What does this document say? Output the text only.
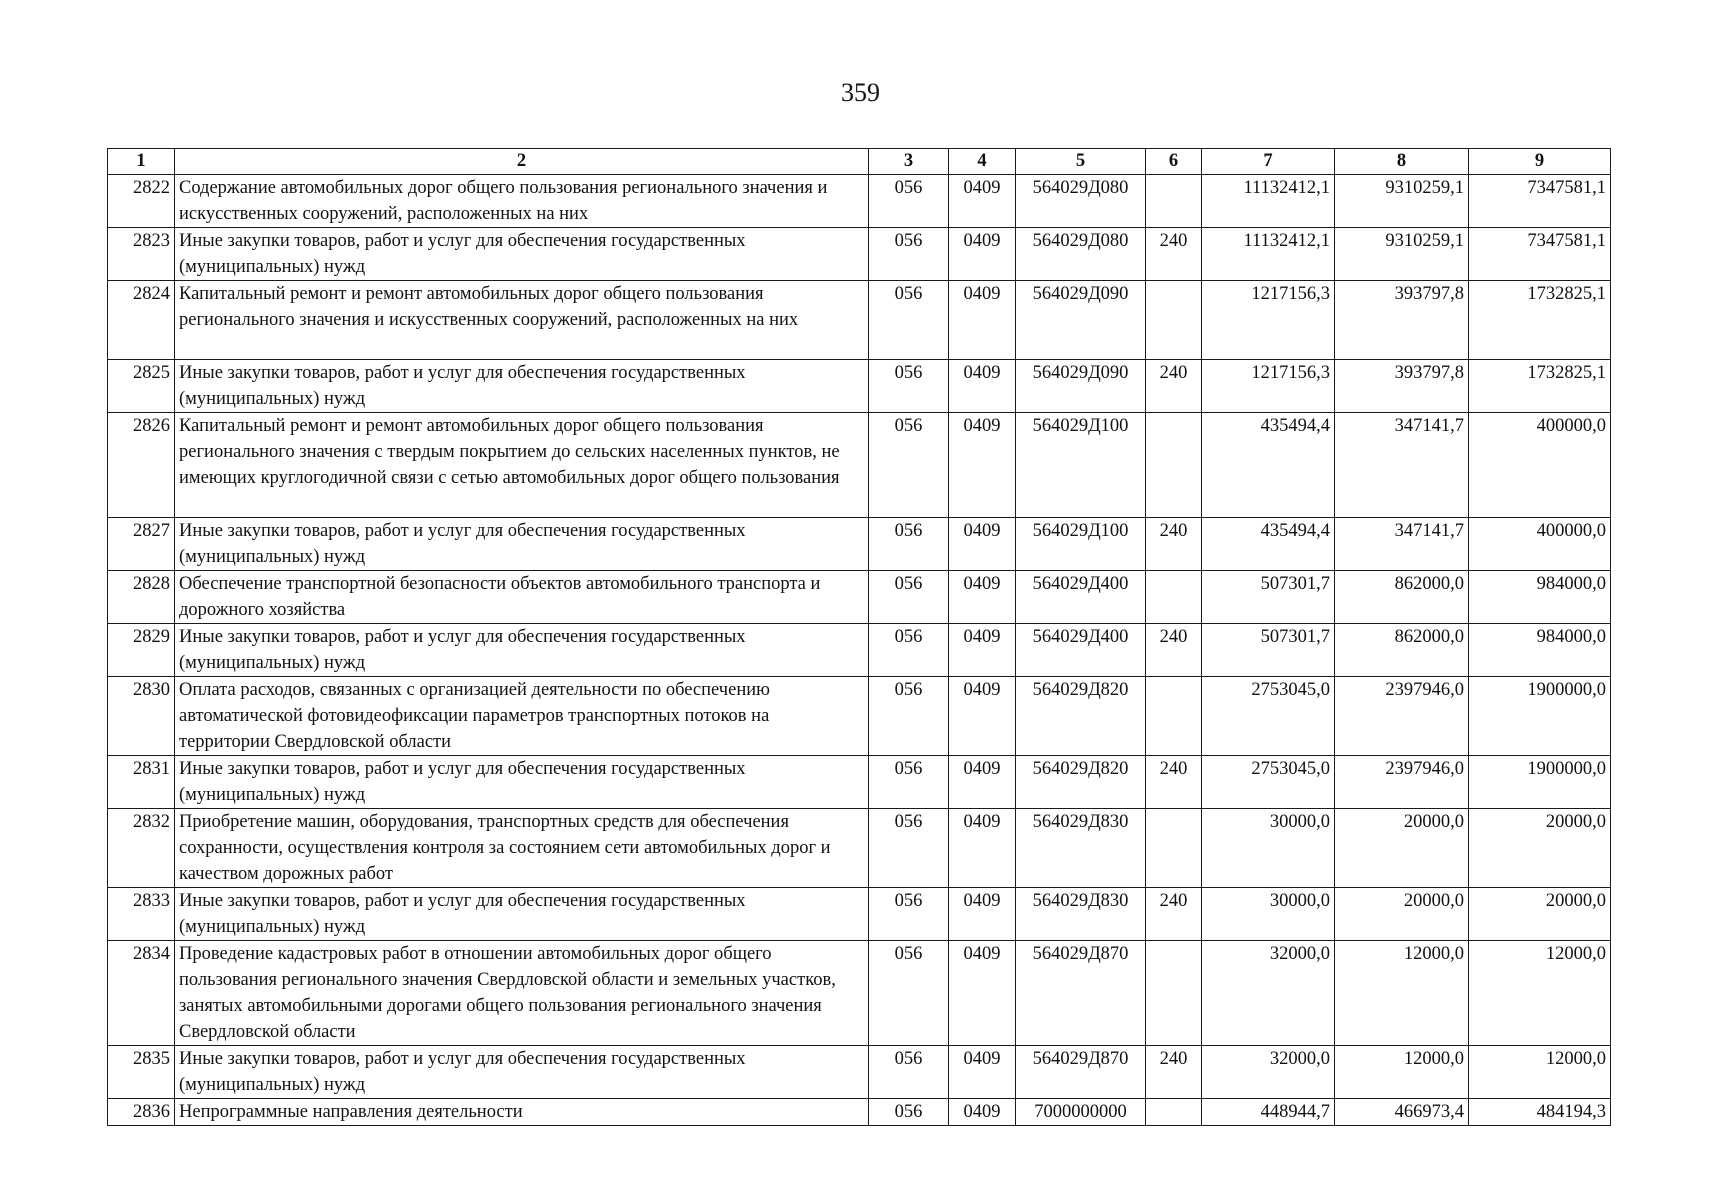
359
1	2	3	4	5	6	7	8	9
2822	Содержание автомобильных дорог общего пользования регионального значения и искусственных сооружений, расположенных на них	056	0409	564029Д080		11132412,1	9310259,1	7347581,1
2823	Иные закупки товаров, работ и услуг для обеспечения государственных (муниципальных) нужд	056	0409	564029Д080	240	11132412,1	9310259,1	7347581,1
2824	Капитальный ремонт и ремонт автомобильных дорог общего пользования регионального значения и искусственных сооружений, расположенных на них	056	0409	564029Д090		1217156,3	393797,8	1732825,1
2825	Иные закупки товаров, работ и услуг для обеспечения государственных (муниципальных) нужд	056	0409	564029Д090	240	1217156,3	393797,8	1732825,1
2826	Капитальный ремонт и ремонт автомобильных дорог общего пользования регионального значения с твердым покрытием до сельских населенных пунктов, не имеющих круглогодичной связи с сетью автомобильных дорог общего пользования	056	0409	564029Д100		435494,4	347141,7	400000,0
2827	Иные закупки товаров, работ и услуг для обеспечения государственных (муниципальных) нужд	056	0409	564029Д100	240	435494,4	347141,7	400000,0
2828	Обеспечение транспортной безопасности объектов автомобильного транспорта и дорожного хозяйства	056	0409	564029Д400		507301,7	862000,0	984000,0
2829	Иные закупки товаров, работ и услуг для обеспечения государственных (муниципальных) нужд	056	0409	564029Д400	240	507301,7	862000,0	984000,0
2830	Оплата расходов, связанных с организацией деятельности по обеспечению автоматической фотовидеофиксации параметров транспортных потоков на территории Свердловской области	056	0409	564029Д820		2753045,0	2397946,0	1900000,0
2831	Иные закупки товаров, работ и услуг для обеспечения государственных (муниципальных) нужд	056	0409	564029Д820	240	2753045,0	2397946,0	1900000,0
2832	Приобретение машин, оборудования, транспортных средств для обеспечения сохранности, осуществления контроля за состоянием сети автомобильных дорог и качеством дорожных работ	056	0409	564029Д830		30000,0	20000,0	20000,0
2833	Иные закупки товаров, работ и услуг для обеспечения государственных (муниципальных) нужд	056	0409	564029Д830	240	30000,0	20000,0	20000,0
2834	Проведение кадастровых работ в отношении автомобильных дорог общего пользования регионального значения Свердловской области и земельных участков, занятых автомобильными дорогами общего пользования регионального значения Свердловской области	056	0409	564029Д870		32000,0	12000,0	12000,0
2835	Иные закупки товаров, работ и услуг для обеспечения государственных (муниципальных) нужд	056	0409	564029Д870	240	32000,0	12000,0	12000,0
2836	Непрограммные направления деятельности	056	0409	7000000000		448944,7	466973,4	484194,3
